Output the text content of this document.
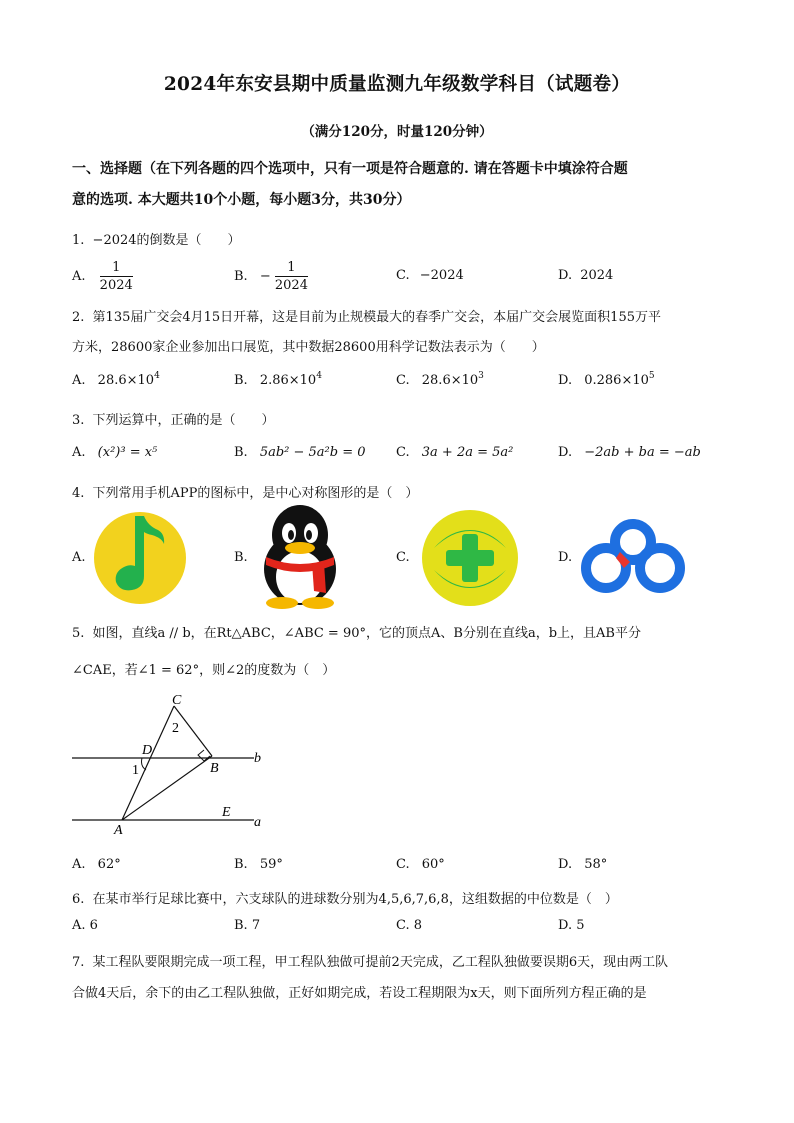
2024年东安县期中质量监测九年级数学科目（试题卷）
（满分120分，时量120分钟）
一、选择题（在下列各题的四个选项中，只有一项是符合题意的. 请在答题卡中填涂符合题
意的选项. 本大题共10个小题，每小题3分，共30分）
1. −2024的倒数是（　　）
A. $\frac{1}{2024}$	B. − $\frac{1}{2024}$	C. −2024	D. 2024
2. 第135届广交会4月15日开幕，这是目前为止规模最大的春季广交会，本届广交会展览面积155万平
方米，28600家企业参加出口展览，其中数据28600用科学记数法表示为（　　）
A. $28.6\times 10^4$	B. $2.86\times 10^4$	C. $28.6\times 10^3$	D. $0.286\times 10^5$
3. 下列运算中，正确的是（　　）
A. (x²)³ = x⁵	B. 5ab² − 5a²b = 0 C. 3a + 2a = 5a²	D. −2ab + ba = −ab
4. 下列常用手机APP的图标中，是中心对称图形的是（　）
A.	B.	C.	D.
5. 如图，直线a // b，在Rt△ABC，∠ABC = 90°，它的顶点A、B分别在直线a，b上，且AB平分
∠CAE，若∠1 = 62°，则∠2的度数为（　）
C
2
D
1	B
b
E
a
A
A. 62°	B. 59°	C. 60°	D. 58°
6. 在某市举行足球比赛中，六支球队的进球数分别为4,5,6,7,6,8，这组数据的中位数是（　）
A. 6	B. 7	C. 8	D. 5
7. 某工程队要限期完成一项工程，甲工程队独做可提前2天完成，乙工程队独做要误期6天，现由两工队
合做4天后，余下的由乙工程队独做，正好如期完成，若设工程期限为x天，则下面所列方程正确的是
